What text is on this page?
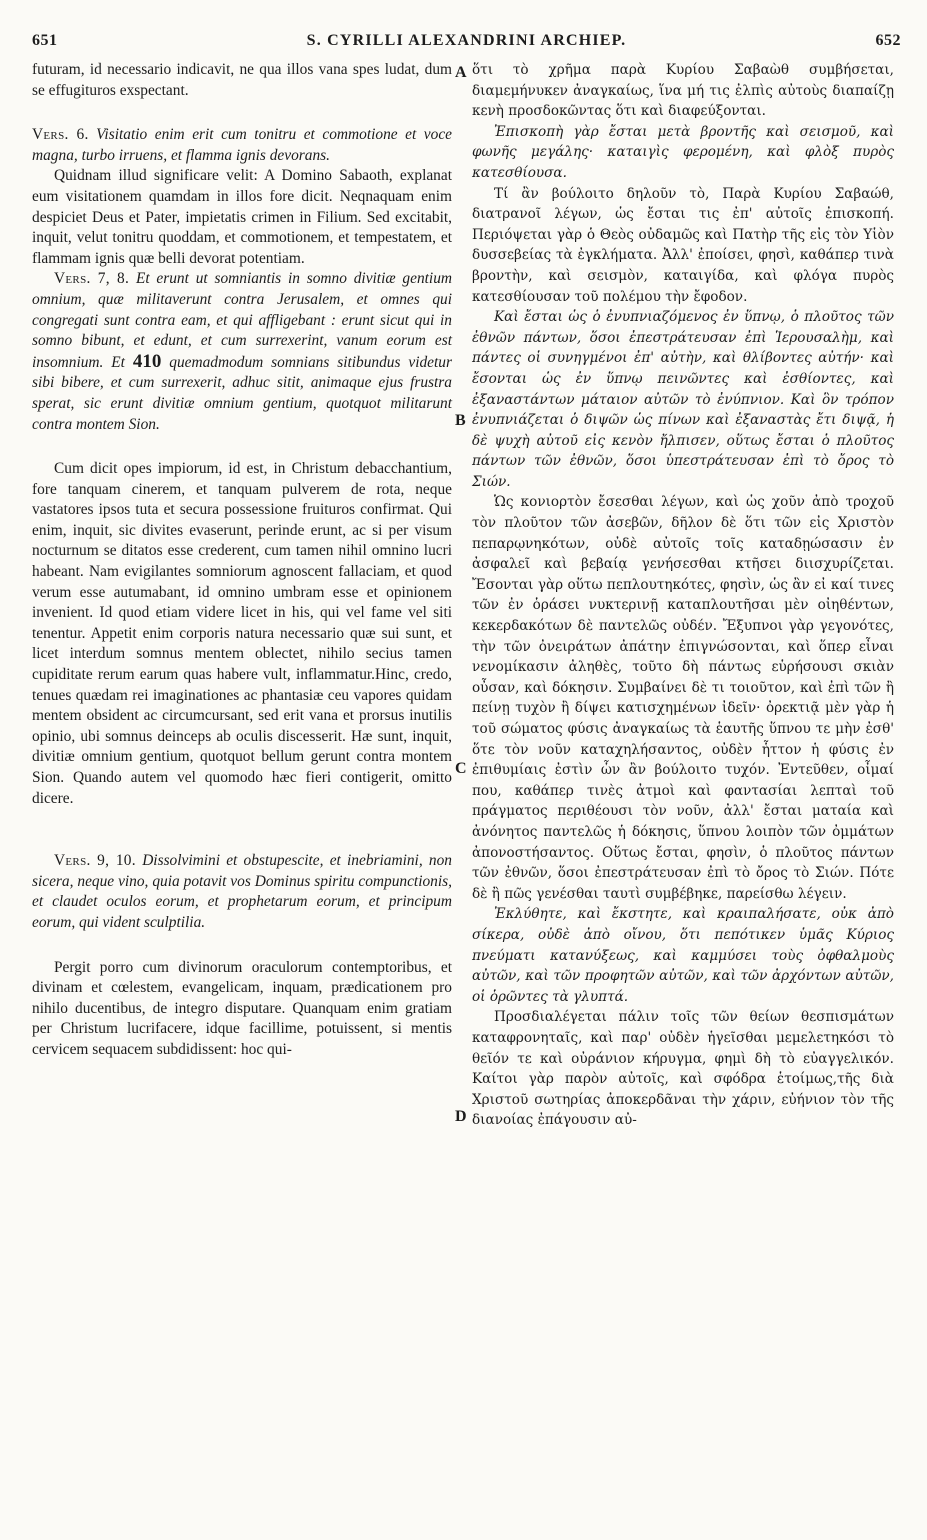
651	S. CYRILLI ALEXANDRINI ARCHIEP.	652
A
B
C
D

futuram, id necessario indicavit, ne qua illos vana spes ludat, dum se effugituros exspectant.

Vers. 6. Visitatio enim erit cum tonitru et commotione et voce magna, turbo irruens, et flamma ignis devorans.

Quidnam illud significare velit: A Domino Sabaoth, explanat eum visitationem quamdam in illos fore dicit. Neqnaquam enim despiciet Deus et Pater, impietatis crimen in Filium. Sed excitabit, inquit, velut tonitru quoddam, et commotionem, et tempestatem, et flammam ignis quæ belli devorat potentiam.

Vers. 7, 8. Et erunt ut somniantis in somno divitiæ gentium omnium, quæ militaverunt contra Jerusalem, et omnes qui congregati sunt contra eam, et qui affligebant : erunt sicut qui in somno bibunt, et edunt, et cum surrexerint, vanum eorum est insomnium. Et 410 quemadmodum somnians sitibundus videtur sibi bibere, et cum surrexerit, adhuc sitit, animaque ejus frustra sperat, sic erunt divitiæ omnium gentium, quotquot militarunt contra montem Sion.

Cum dicit opes impiorum, id est, in Christum debacchantium, fore tanquam cinerem, et tanquam pulverem de rota, neque vastatores ipsos tuta et secura possessione fruituros confirmat. Qui enim, inquit, sic divites evaserunt, perinde erunt, ac si per visum nocturnum se ditatos esse crederent, cum tamen nihil omnino lucri habeant. Nam evigilantes somniorum agnoscent fallaciam, et quod verum esse autumabant, id omnino umbram esse et opinionem invenient. Id quod etiam videre licet in his, qui vel fame vel siti tenentur. Appetit enim corporis natura necessario quæ sui sunt, et licet interdum somnus mentem oblectet, nihilo secius tamen cupiditate rerum earum quas habere vult, inflammatur.Hinc, credo, tenues quædam rei imaginationes ac phantasiæ ceu vapores quidam mentem obsident ac circumcursant, sed erit vana et prorsus inutilis opinio, ubi somnus deinceps ab oculis discesserit. Hæ sunt, inquit, divitiæ omnium gentium, quotquot bellum gerunt contra montem Sion. Quando autem vel quomodo hæc fieri contigerit, omitto dicere.

Vers. 9, 10. Dissolvimini et obstupescite, et inebriamini, non sicera, neque vino, quia potavit vos Dominus spiritu compunctionis, et claudet oculos eorum, et prophetarum eorum, et principum eorum, qui vident sculptilia.

Pergit porro cum divinorum oraculorum contemptoribus, et divinam et cœlestem, evangelicam, inquam, prædicationem pro nihilo ducentibus, de integro disputare. Quanquam enim gratiam per Christum lucrifacere, idque facillime, potuissent, si mentis cervicem sequacem subdidissent: hoc qui-

ὅτι τὸ χρῆμα παρὰ Κυρίου Σαβαὼθ συμβήσεται, διαμεμήνυκεν ἀναγκαίως, ἵνα μή τις ἐλπὶς αὐτοὺς διαπαίζῃ κενὴ προσδοκῶντας ὅτι καὶ διαφεύξονται.

Ἐπισκοπὴ γὰρ ἔσται μετὰ βροντῆς καὶ σεισμοῦ, καὶ φωνῆς μεγάλης· καταιγὶς φερομένη, καὶ φλὸξ πυρὸς κατεσθίουσα.

Τί ἂν βούλοιτο δηλοῦν τὸ, Παρὰ Κυρίου Σαβαώθ, διατρανοῖ λέγων, ὡς ἔσται τις ἐπ' αὐτοῖς ἐπισκοπή. Περιόψεται γὰρ ὁ Θεὸς οὐδαμῶς καὶ Πατὴρ τῆς εἰς τὸν Υἱὸν δυσσεβείας τὰ ἐγκλήματα. Ἀλλ' ἐποίσει, φησὶ, καθάπερ τινὰ βροντὴν, καὶ σεισμὸν, καταιγίδα, καὶ φλόγα πυρὸς κατεσθίουσαν τοῦ πολέμου τὴν ἔφοδον.

Καὶ ἔσται ὡς ὁ ἐνυπνιαζόμενος ἐν ὕπνῳ, ὁ πλοῦτος τῶν ἐθνῶν πάντων, ὅσοι ἐπεστράτευσαν ἐπὶ Ἱερουσαλὴμ, καὶ πάντες οἱ συνηγμένοι ἐπ' αὐτὴν, καὶ θλίβοντες αὐτήν· καὶ ἔσονται ὡς ἐν ὕπνῳ πεινῶντες καὶ ἐσθίοντες, καὶ ἐξαναστάντων μάταιον αὐτῶν τὸ ἐνύπνιον. Καὶ ὃν τρόπον ἐνυπνιάζεται ὁ διψῶν ὡς πίνων καὶ ἐξαναστὰς ἔτι διψᾷ, ἡ δὲ ψυχὴ αὐτοῦ εἰς κενὸν ἤλπισεν, οὕτως ἔσται ὁ πλοῦτος πάντων τῶν ἐθνῶν, ὅσοι ὑπεστράτευσαν ἐπὶ τὸ ὄρος τὸ Σιών.

Ὡς κονιορτὸν ἔσεσθαι λέγων, καὶ ὡς χοῦν ἀπὸ τροχοῦ τὸν πλοῦτον τῶν ἀσεβῶν, δῆλον δὲ ὅτι τῶν εἰς Χριστὸν πεπαρῳνηκότων, οὐδὲ αὐτοῖς τοῖς καταδῃώσασιν ἐν ἀσφαλεῖ καὶ βεβαίᾳ γενήσεσθαι κτῆσει διισχυρίζεται. Ἔσονται γὰρ οὕτω πεπλουτηκότες, φησὶν, ὡς ἂν εἰ καί τινες τῶν ἐν ὁράσει νυκτερινῇ καταπλουτῆσαι μὲν οἰηθέντων, κεκερδακότων δὲ παντελῶς οὐδέν. Ἔξυπνοι γὰρ γεγονότες, τὴν τῶν ὀνειράτων ἀπάτην ἐπιγνώσονται, καὶ ὅπερ εἶναι νενομίκασιν ἀληθὲς, τοῦτο δὴ πάντως εὑρήσουσι σκιὰν οὖσαν, καὶ δόκησιν. Συμβαίνει δὲ τι τοιοῦτον, καὶ ἐπὶ τῶν ἢ πείνῃ τυχὸν ἢ δίψει κατισχημένων ἰδεῖν· ὀρεκτιᾷ μὲν γὰρ ἡ τοῦ σώματος φύσις ἀναγκαίως τὰ ἑαυτῆς ὕπνου τε μὴν ἐσθ' ὅτε τὸν νοῦν καταχηλήσαντος, οὐδὲν ἧττον ἡ φύσις ἐν ἐπιθυμίαις ἐστὶν ὧν ἂν βούλοιτο τυχόν. Ἐντεῦθεν, οἶμαί που, καθάπερ τινὲς ἀτμοὶ καὶ φαντασίαι λεπταὶ τοῦ πράγματος περιθέουσι τὸν νοῦν, ἀλλ' ἔσται ματαία καὶ ἀνόνητος παντελῶς ἡ δόκησις, ὕπνου λοιπὸν τῶν ὀμμάτων ἀπονοστήσαντος. Οὕτως ἔσται, φησὶν, ὁ πλοῦτος πάντων τῶν ἐθνῶν, ὅσοι ἐπεστράτευσαν ἐπὶ τὸ ὄρος τὸ Σιών. Πότε δὲ ἢ πῶς γενέσθαι ταυτὶ συμβέβηκε, παρείσθω λέγειν.

Ἐκλύθητε, καὶ ἔκστητε, καὶ κραιπαλήσατε, οὐκ ἀπὸ σίκερα, οὐδὲ ἀπὸ οἴνου, ὅτι πεπότικεν ὑμᾶς Κύριος πνεύματι κατανύξεως, καὶ καμμύσει τοὺς ὀφθαλμοὺς αὐτῶν, καὶ τῶν προφητῶν αὐτῶν, καὶ τῶν ἀρχόντων αὐτῶν, οἱ ὁρῶντες τὰ γλυπτά.

Προσδιαλέγεται πάλιν τοῖς τῶν θείων θεσπισμάτων καταφρονηταῖς, καὶ παρ' οὐδὲν ἡγεῖσθαι μεμελετηκόσι τὸ θεῖόν τε καὶ οὐράνιον κήρυγμα, φημὶ δὴ τὸ εὐαγγελικόν. Καίτοι γὰρ παρὸν αὐτοῖς, καὶ σφόδρα ἑτοίμως,τῆς διὰ Χριστοῦ σωτηρίας ἀποκερδᾶναι τὴν χάριν, εὐήνιον τὸν τῆς διανοίας ἐπάγουσιν αὐ-
